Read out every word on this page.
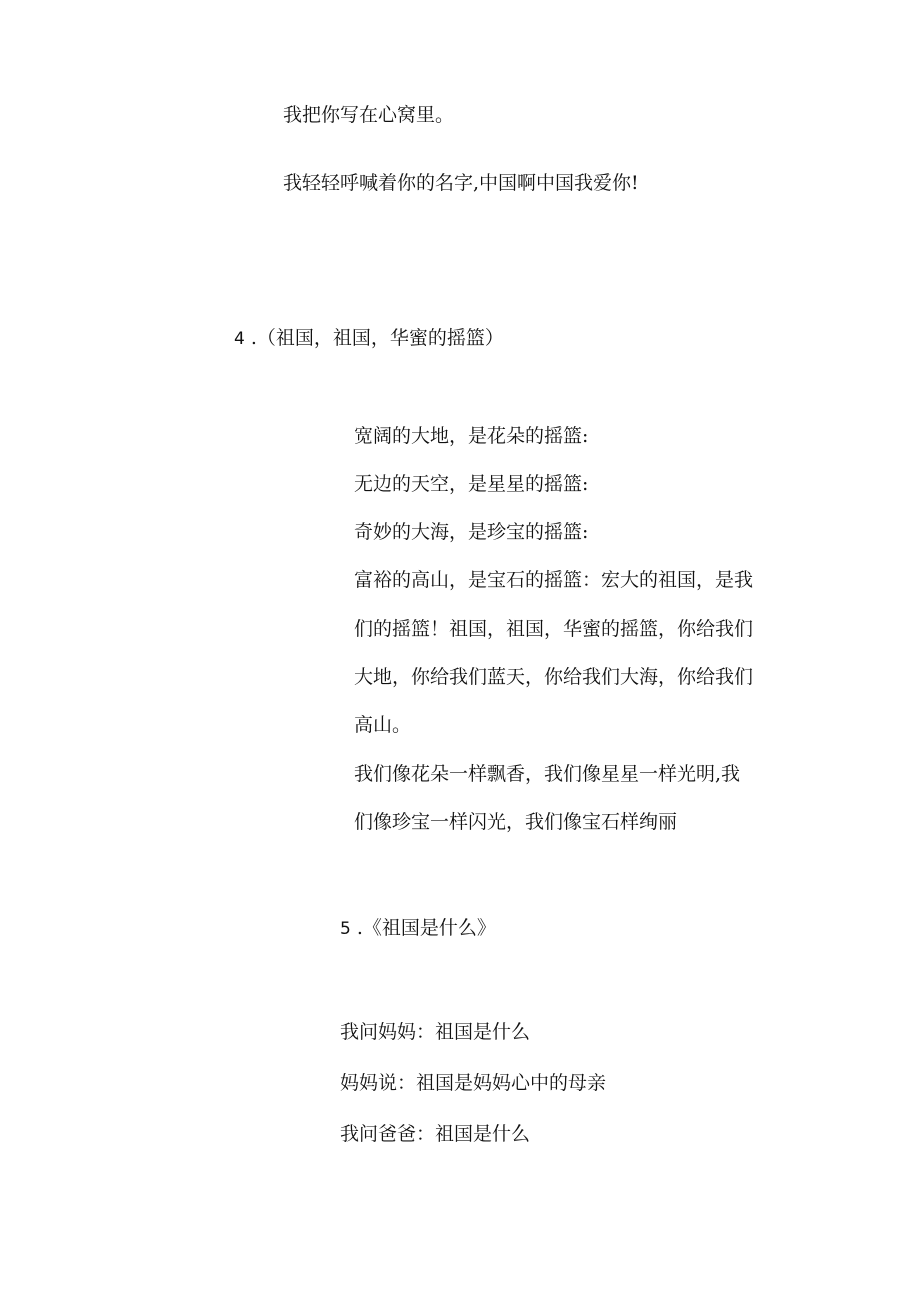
我把你写在心窝里。

我轻轻呼喊着你的名字,中国啊中国我爱你!

4 .（祖国，祖国，华蜜的摇篮）

宽阔的大地，是花朵的摇篮:

无边的天空，是星星的摇篮:

奇妙的大海，是珍宝的摇篮:

富裕的高山，是宝石的摇篮：宏大的祖国，是我

们的摇篮！祖国，祖国，华蜜的摇篮，你给我们

大地，你给我们蓝天，你给我们大海，你给我们

高山。

我们像花朵一样飘香，我们像星星一样光明,我

们像珍宝一样闪光，我们像宝石样绚丽

5 .《祖国是什么》

我问妈妈：祖国是什么

妈妈说：祖国是妈妈心中的母亲

我问爸爸：祖国是什么
